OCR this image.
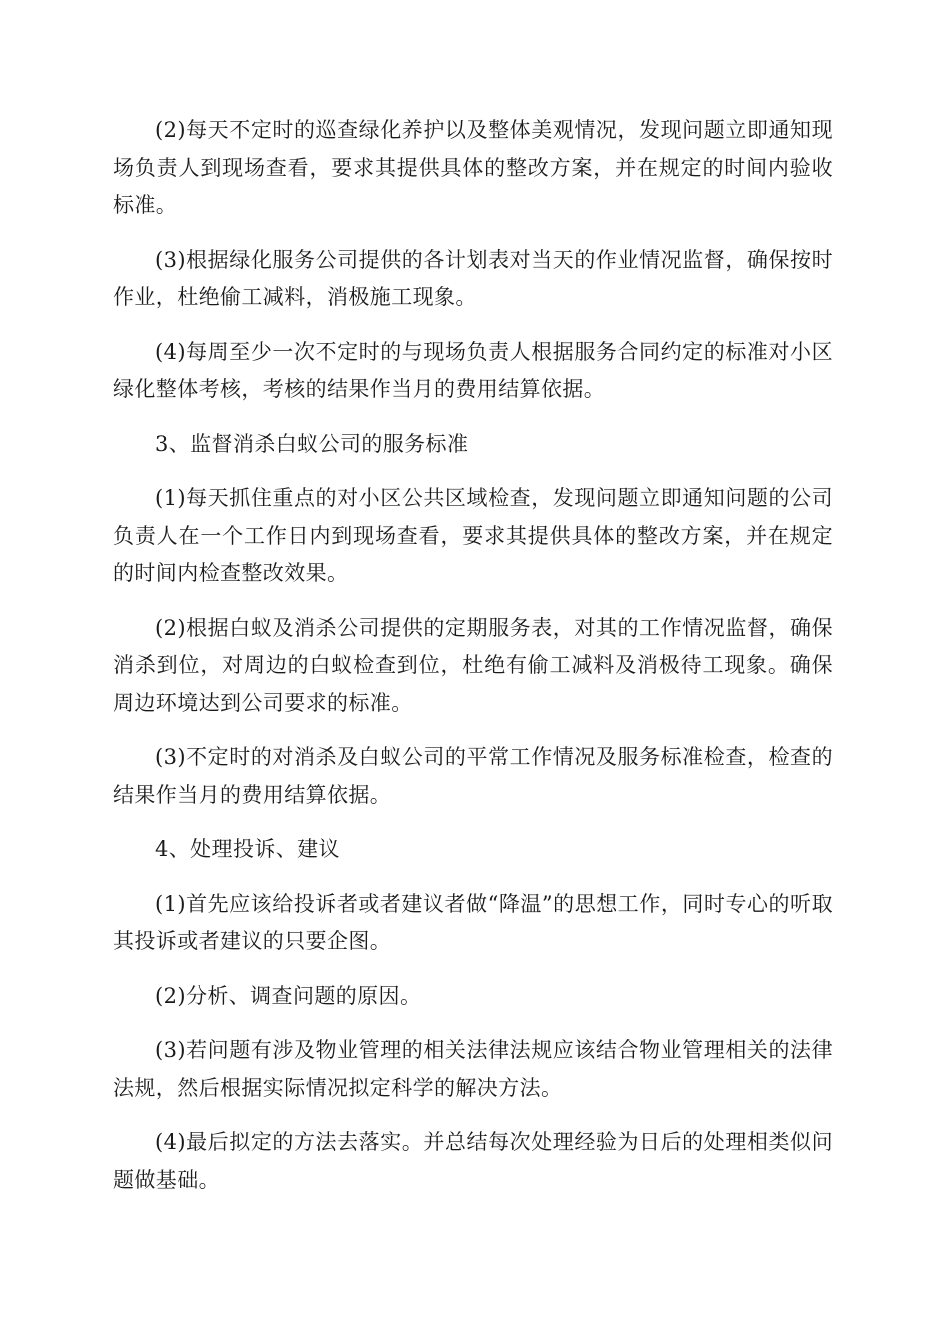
(2)每天不定时的巡查绿化养护以及整体美观情况，发现问题立即通知现场负责人到现场查看，要求其提供具体的整改方案，并在规定的时间内验收标准。

(3)根据绿化服务公司提供的各计划表对当天的作业情况监督，确保按时作业，杜绝偷工减料，消极施工现象。

(4)每周至少一次不定时的与现场负责人根据服务合同约定的标准对小区绿化整体考核，考核的结果作当月的费用结算依据。

3、监督消杀白蚁公司的服务标准

(1)每天抓住重点的对小区公共区域检查，发现问题立即通知问题的公司负责人在一个工作日内到现场查看，要求其提供具体的整改方案，并在规定的时间内检查整改效果。

(2)根据白蚁及消杀公司提供的定期服务表，对其的工作情况监督，确保消杀到位，对周边的白蚁检查到位，杜绝有偷工减料及消极待工现象。确保周边环境达到公司要求的标准。

(3)不定时的对消杀及白蚁公司的平常工作情况及服务标准检查，检查的结果作当月的费用结算依据。

4、处理投诉、建议

(1)首先应该给投诉者或者建议者做“降温”的思想工作，同时专心的听取其投诉或者建议的只要企图。

(2)分析、调查问题的原因。

(3)若问题有涉及物业管理的相关法律法规应该结合物业管理相关的法律法规，然后根据实际情况拟定科学的解决方法。

(4)最后拟定的方法去落实。并总结每次处理经验为日后的处理相类似问题做基础。
